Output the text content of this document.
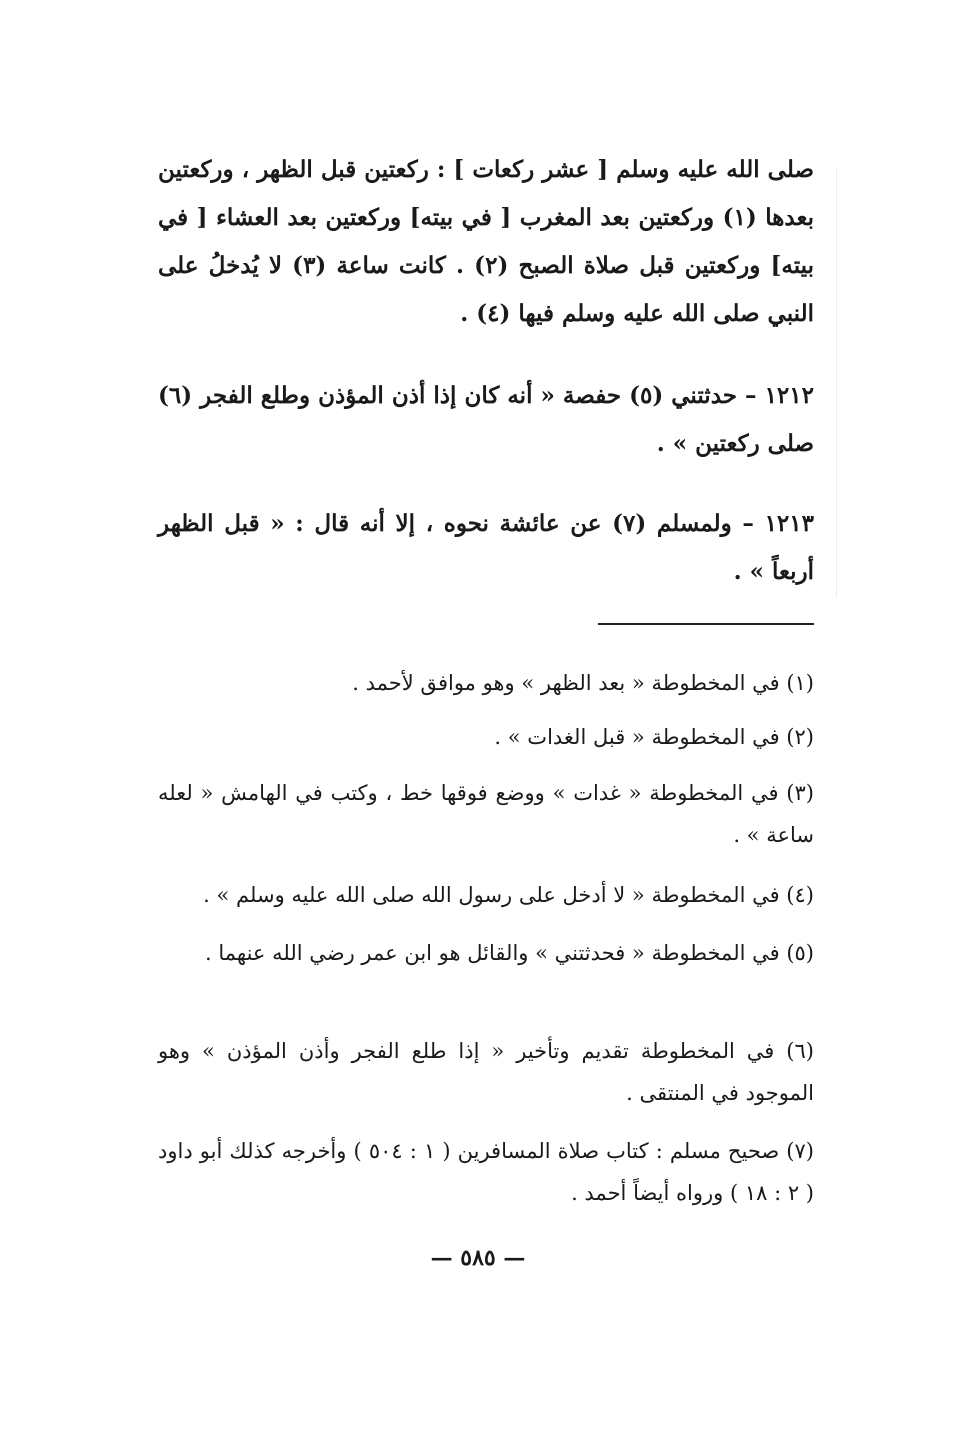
صلى الله عليه وسلم [ عشر ركعات ] : ركعتين قبل الظهر ، وركعتين بعدها (١) وركعتين بعد المغرب [ في بيته] وركعتين بعد العشاء [ في بيته] وركعتين قبل صلاة الصبح (٢) . كانت ساعة (٣) لا يُدخلُ على النبي صلى الله عليه وسلم فيها (٤) .

١٢١٢ – حدثتني (٥) حفصة « أنه كان إذا أذن المؤذن وطلع الفجر (٦) صلى ركعتين » .

١٢١٣ – ولمسلم (٧) عن عائشة نحوه ، إلا أنه قال : « قبل الظهر أربعاً » .

(١) في المخطوطة « بعد الظهر » وهو موافق لأحمد .
(٢) في المخطوطة « قبل الغدات » .
(٣) في المخطوطة « غدات » ووضع فوقها خط ، وكتب في الهامش « لعله ساعة » .
(٤) في المخطوطة « لا أدخل على رسول الله صلى الله عليه وسلم » .
(٥) في المخطوطة « فحدثتني » والقائل هو ابن عمر رضي الله عنهما .
(٦) في المخطوطة تقديم وتأخير « إذا طلع الفجر وأذن المؤذن » وهو الموجود في المنتقى .
(٧) صحيح مسلم : كتاب صلاة المسافرين ( ١ : ٥٠٤ ) وأخرجه كذلك أبو داود ( ٢ : ١٨ ) ورواه أيضاً أحمد .
— ٥٨٥ —
